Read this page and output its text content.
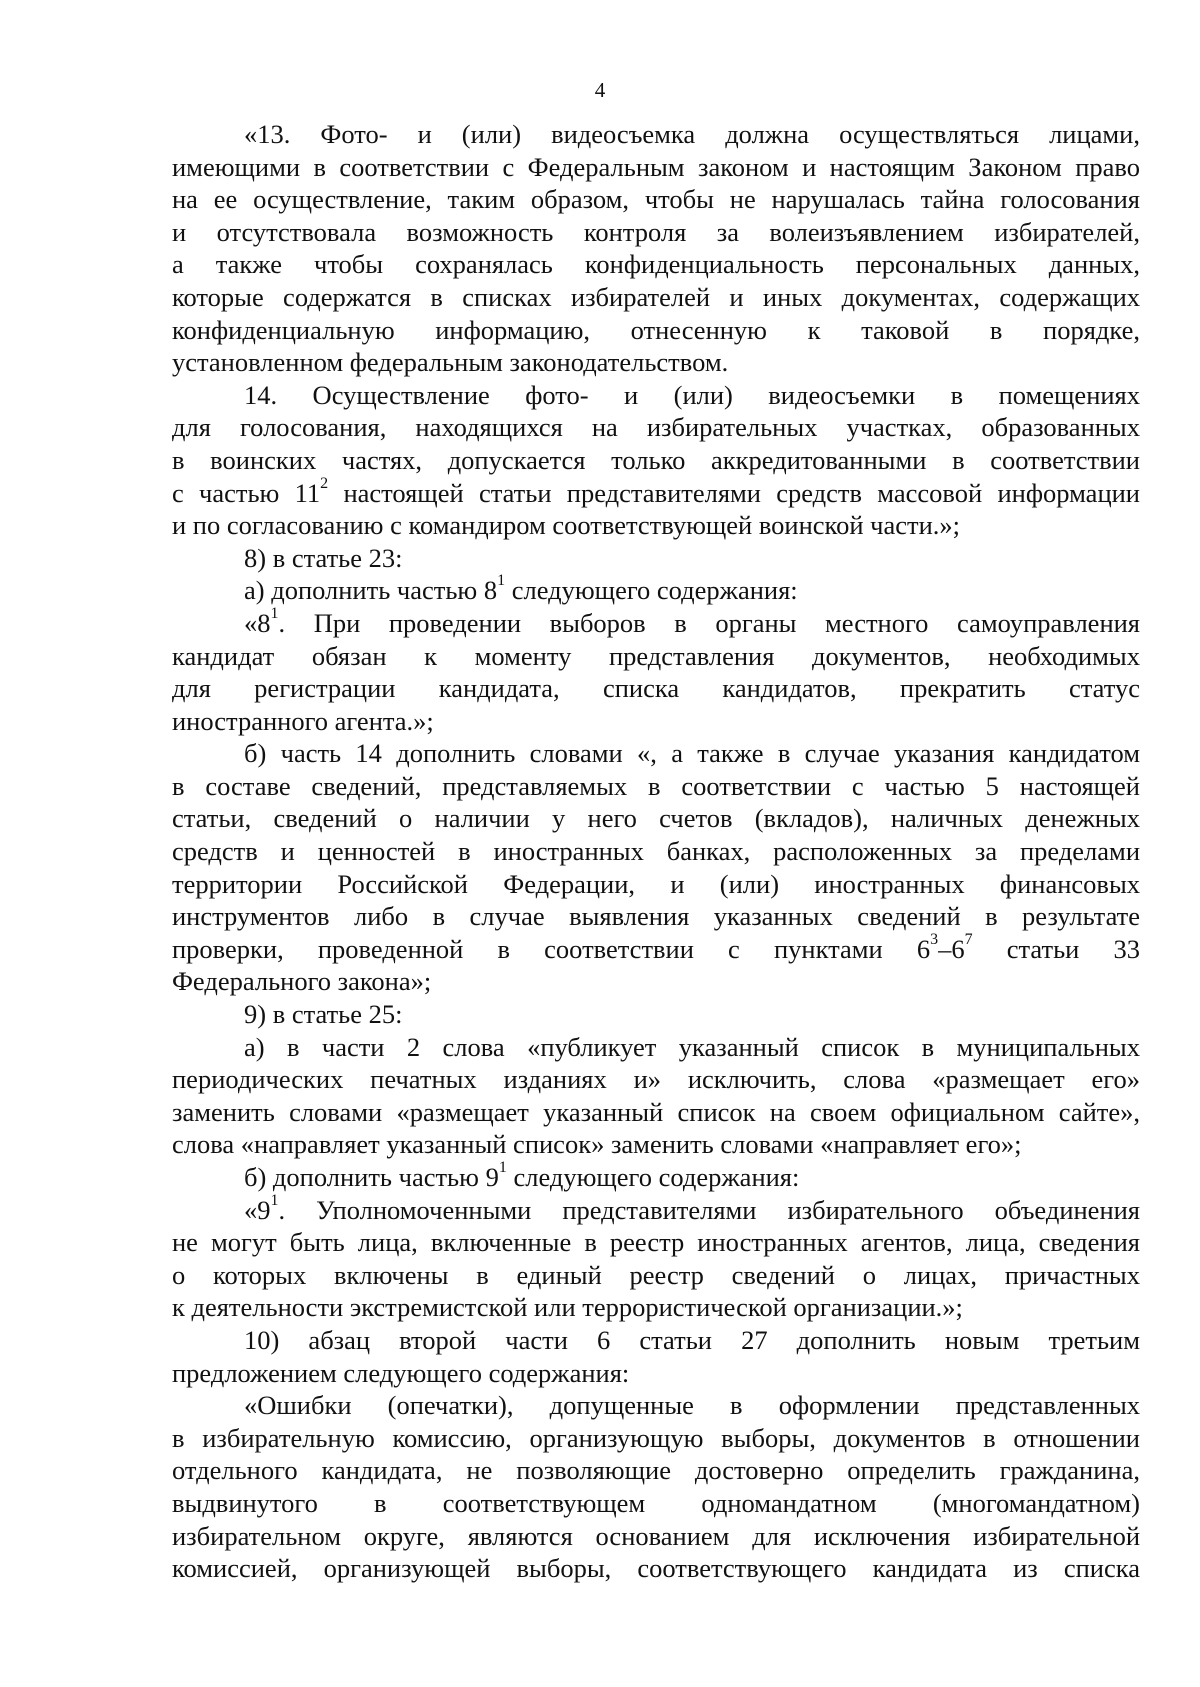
4
«13. Фото- и (или) видеосъемка должна осуществляться лицами,
имеющими в соответствии с Федеральным законом и настоящим Законом право
на ее осуществление, таким образом, чтобы не нарушалась тайна голосования
и отсутствовала возможность контроля за волеизъявлением избирателей,
а также чтобы сохранялась конфиденциальность персональных данных,
которые содержатся в списках избирателей и иных документах, содержащих
конфиденциальную информацию, отнесенную к таковой в порядке,
установленном федеральным законодательством.
14. Осуществление фото- и (или) видеосъемки в помещениях
для голосования, находящихся на избирательных участках, образованных
в воинских частях, допускается только аккредитованными в соответствии
с частью $11^2$ настоящей статьи представителями средств массовой информации
и по согласованию с командиром соответствующей воинской части.»;
8) в статье 23:
а) дополнить частью $8^1$ следующего содержания:
«$8^1$. При проведении выборов в органы местного самоуправления
кандидат обязан к моменту представления документов, необходимых
для регистрации кандидата, списка кандидатов, прекратить статус
иностранного агента.»;
б) часть 14 дополнить словами «, а также в случае указания кандидатом
в составе сведений, представляемых в соответствии с частью 5 настоящей
статьи, сведений о наличии у него счетов (вкладов), наличных денежных
средств и ценностей в иностранных банках, расположенных за пределами
территории Российской Федерации, и (или) иностранных финансовых
инструментов либо в случае выявления указанных сведений в результате
проверки, проведенной в соответствии с пунктами $6^3-6^7$ статьи 33
Федерального закона»;
9) в статье 25:
а) в части 2 слова «публикует указанный список в муниципальных
периодических печатных изданиях и» исключить, слова «размещает его»
заменить словами «размещает указанный список на своем официальном сайте»,
слова «направляет указанный список» заменить словами «направляет его»;
б) дополнить частью $9^1$ следующего содержания:
«$9^1$. Уполномоченными представителями избирательного объединения
не могут быть лица, включенные в реестр иностранных агентов, лица, сведения
о которых включены в единый реестр сведений о лицах, причастных
к деятельности экстремистской или террористической организации.»;
10) абзац второй части 6 статьи 27 дополнить новым третьим
предложением следующего содержания:
«Ошибки (опечатки), допущенные в оформлении представленных
в избирательную комиссию, организующую выборы, документов в отношении
отдельного кандидата, не позволяющие достоверно определить гражданина,
выдвинутого в соответствующем одномандатном (многомандатном)
избирательном округе, являются основанием для исключения избирательной
комиссией, организующей выборы, соответствующего кандидата из списка
